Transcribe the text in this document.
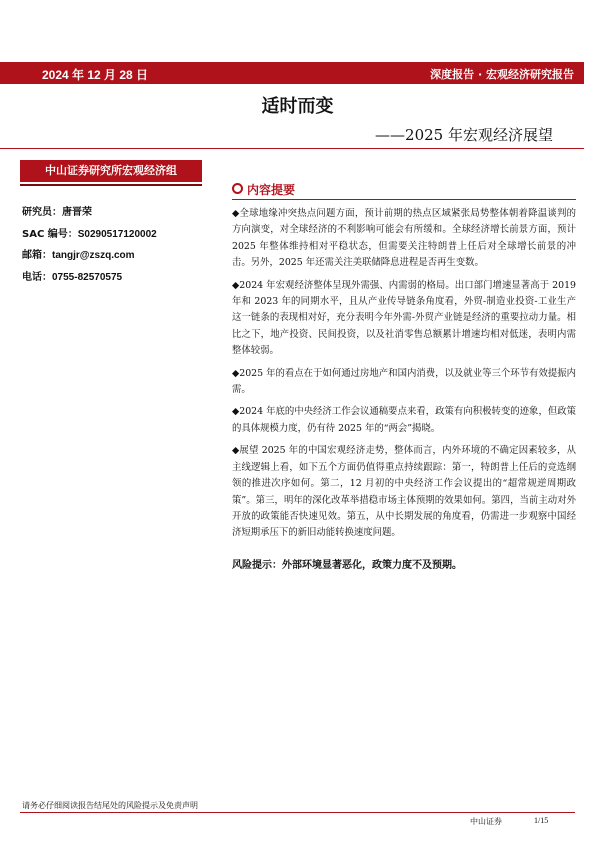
2024 年 12 月 28 日	深度报告 · 宏观经济研究报告
适时而变
——2025 年宏观经济展望
中山证券研究所宏观经济组
研究员：唐晋荣
SAC 编号：S0290517120002
邮箱：tangjr@zszq.com
电话：0755-82570575
内容提要

◆全球地缘冲突热点问题方面，预计前期的热点区域紧张局势整体朝着降温谈判的方向演变，对全球经济的不利影响可能会有所缓和。全球经济增长前景方面，预计 2025 年整体维持相对平稳状态，但需要关注特朗普上任后对全球增长前景的冲击。另外，2025 年还需关注美联储降息进程是否再生变数。

◆2024 年宏观经济整体呈现外需强、内需弱的格局。出口部门增速显著高于 2019 年和 2023 年的同期水平，且从产业传导链条角度看，外贸-制造业投资-工业生产这一链条的表现相对好，充分表明今年外需-外贸产业链是经济的重要拉动力量。相比之下，地产投资、民间投资，以及社消零售总额累计增速均相对低迷，表明内需整体较弱。

◆2025 年的看点在于如何通过房地产和国内消费，以及就业等三个环节有效提振内需。

◆2024 年底的中央经济工作会议通稿要点来看，政策有向积极转变的迹象，但政策的具体规模力度，仍有待 2025 年的“两会”揭晓。

◆展望 2025 年的中国宏观经济走势，整体而言，内外环境的不确定因素较多，从主线逻辑上看，如下五个方面仍值得重点持续跟踪：第一，特朗普上任后的竞选纲领的推进次序如何。第二，12 月初的中央经济工作会议提出的“超常规逆周期政策”。第三，明年的深化改革举措稳市场主体预期的效果如何。第四，当前主动对外开放的政策能否快速见效。第五，从中长期发展的角度看，仍需进一步观察中国经济短期承压下的新旧动能转换速度问题。

风险提示：外部环境显著恶化，政策力度不及预期。
请务必仔细阅读报告结尾处的风险提示及免责声明
中山证券	1/15
